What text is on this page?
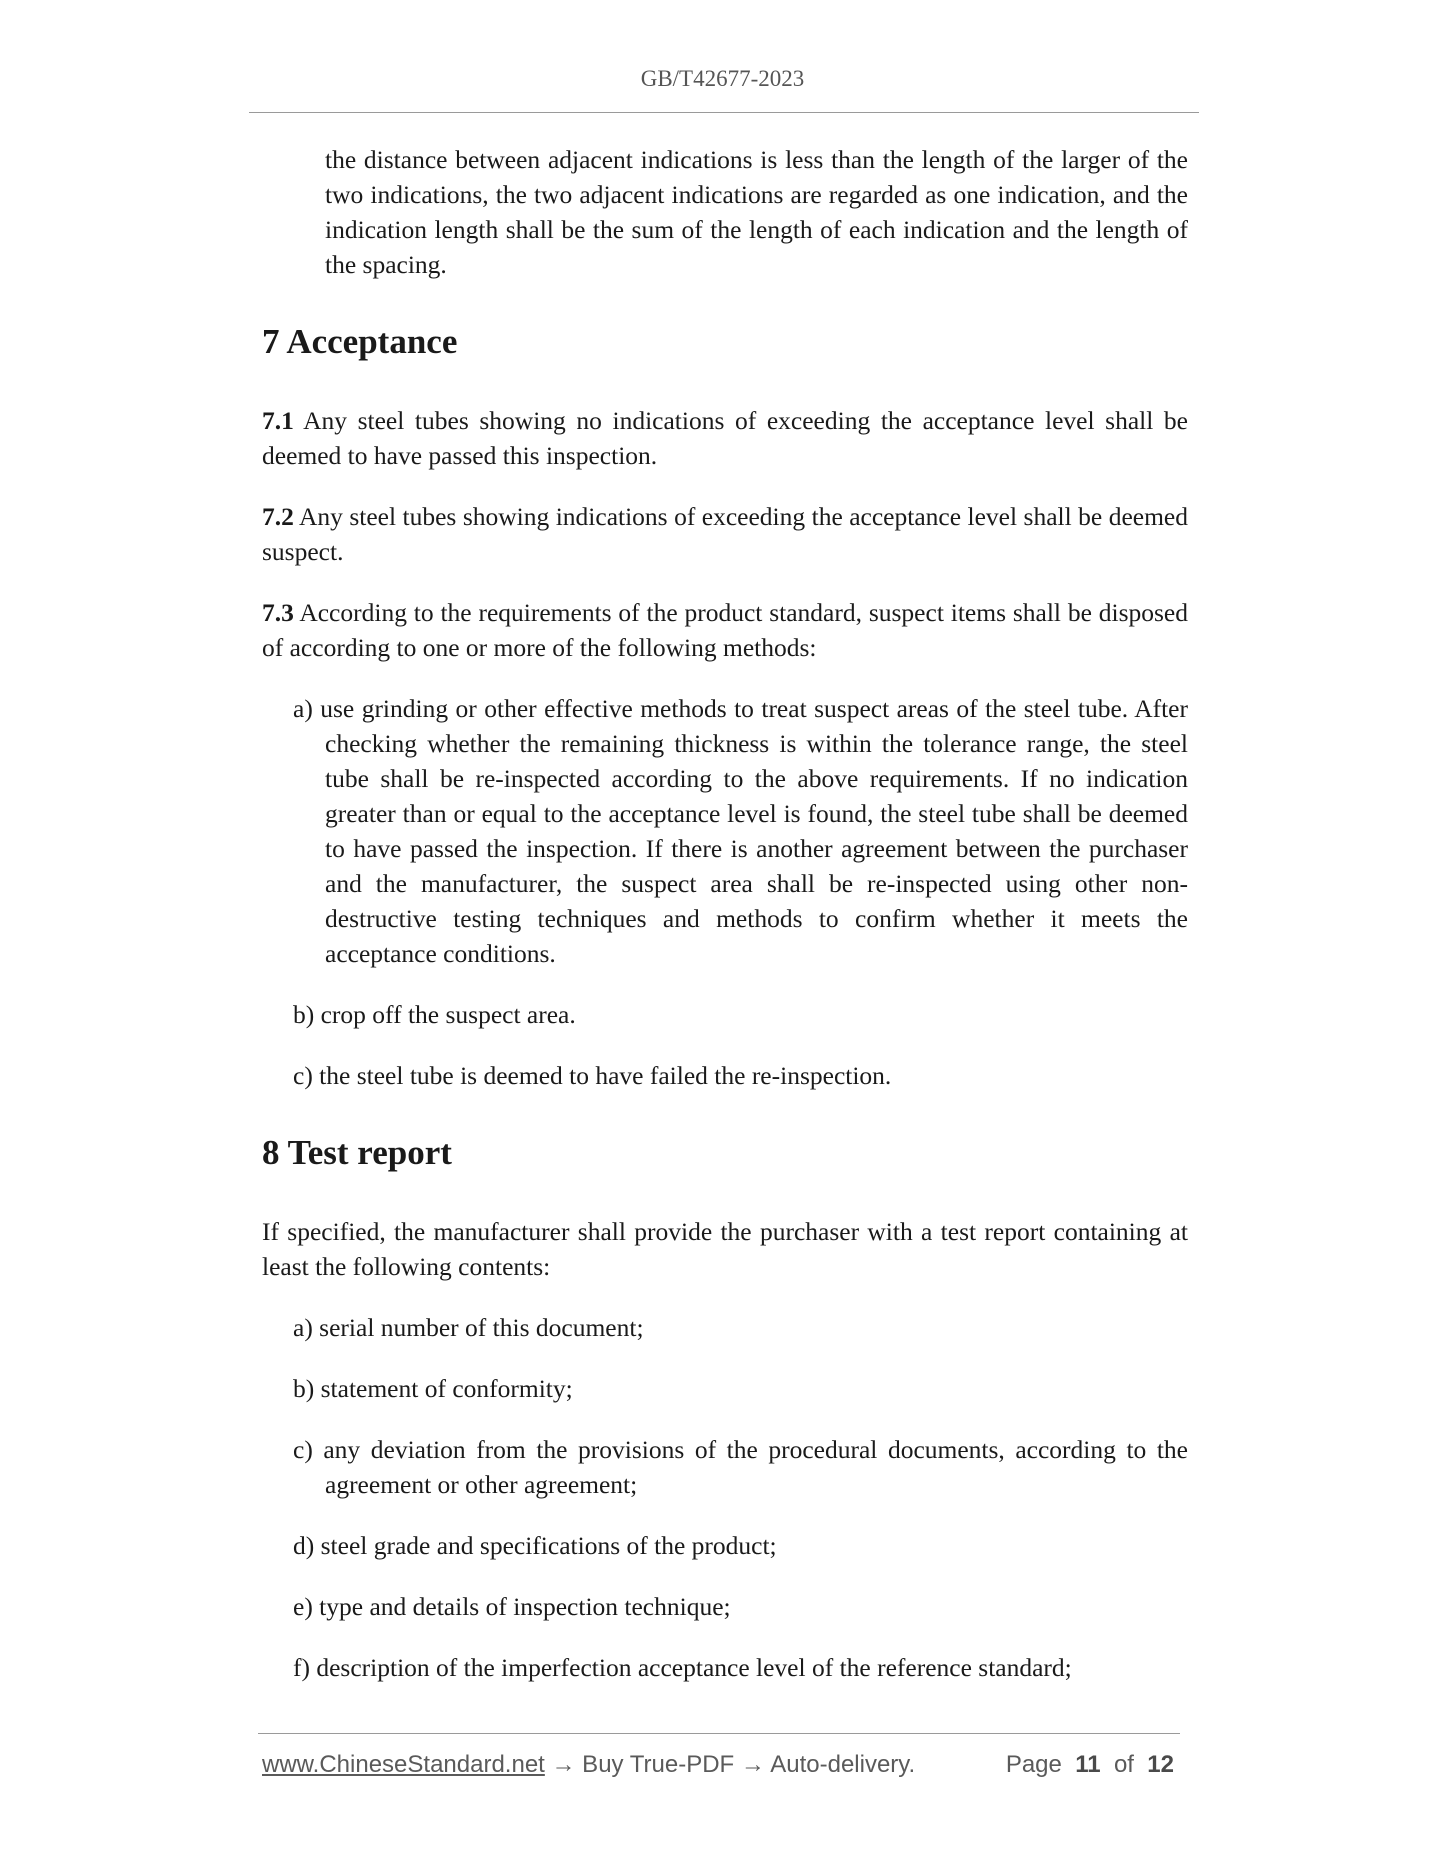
GB/T42677-2023

the distance between adjacent indications is less than the length of the larger of the two indications, the two adjacent indications are regarded as one indication, and the indication length shall be the sum of the length of each indication and the length of the spacing.

7 Acceptance

7.1 Any steel tubes showing no indications of exceeding the acceptance level shall be deemed to have passed this inspection.

7.2 Any steel tubes showing indications of exceeding the acceptance level shall be deemed suspect.

7.3 According to the requirements of the product standard, suspect items shall be disposed of according to one or more of the following methods:

a) use grinding or other effective methods to treat suspect areas of the steel tube. After checking whether the remaining thickness is within the tolerance range, the steel tube shall be re-inspected according to the above requirements. If no indication greater than or equal to the acceptance level is found, the steel tube shall be deemed to have passed the inspection. If there is another agreement between the purchaser and the manufacturer, the suspect area shall be re-inspected using other non-destructive testing techniques and methods to confirm whether it meets the acceptance conditions.

b) crop off the suspect area.

c) the steel tube is deemed to have failed the re-inspection.

8 Test report

If specified, the manufacturer shall provide the purchaser with a test report containing at least the following contents:

a) serial number of this document;

b) statement of conformity;

c) any deviation from the provisions of the procedural documents, according to the agreement or other agreement;

d) steel grade and specifications of the product;

e) type and details of inspection technique;

f) description of the imperfection acceptance level of the reference standard;

www.ChineseStandard.net → Buy True-PDF → Auto-delivery.	Page 11 of 12
